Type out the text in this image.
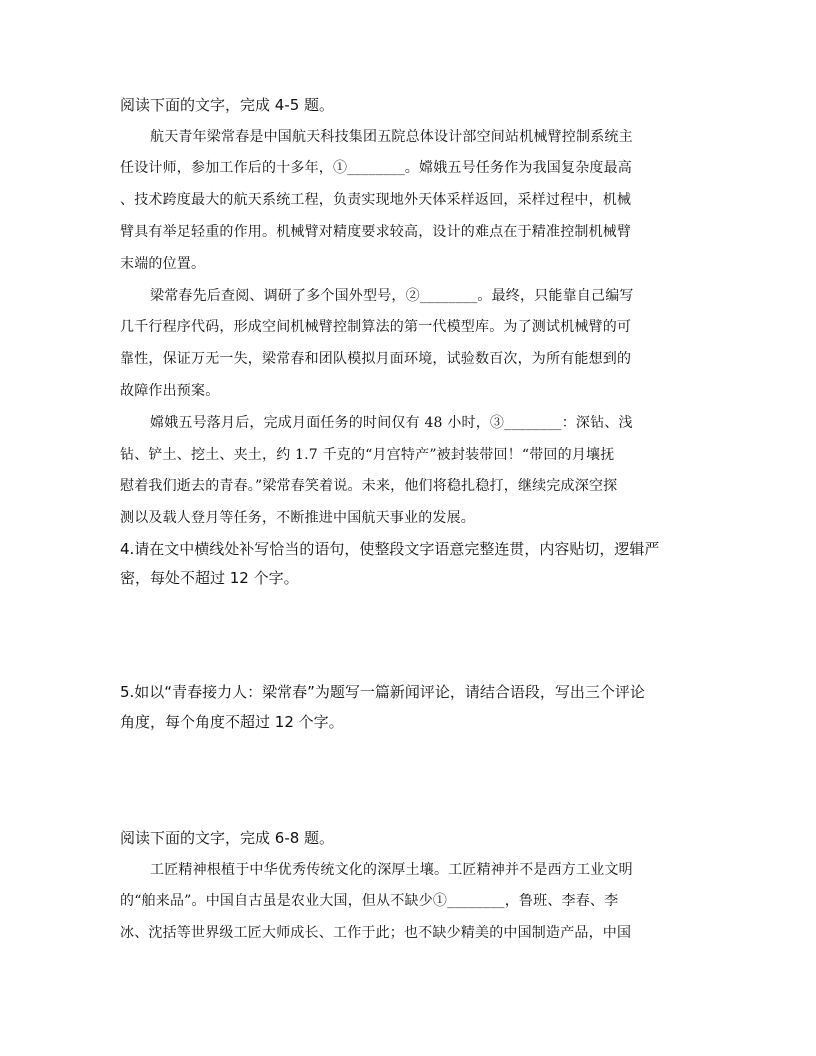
阅读下面的文字，完成 4-5 题。
航天青年梁常春是中国航天科技集团五院总体设计部空间站机械臂控制系统主
任设计师，参加工作后的十多年，①________。嫦娥五号任务作为我国复杂度最高
、技术跨度最大的航天系统工程，负责实现地外天体采样返回，采样过程中，机械
臂具有举足轻重的作用。机械臂对精度要求较高，设计的难点在于精准控制机械臂
末端的位置。
梁常春先后查阅、调研了多个国外型号，②________。最终，只能靠自己编写
几千行程序代码，形成空间机械臂控制算法的第一代模型库。为了测试机械臂的可
靠性，保证万无一失，梁常春和团队模拟月面环境，试验数百次，为所有能想到的
故障作出预案。
嫦娥五号落月后，完成月面任务的时间仅有 48 小时，③________：深钻、浅
钻、铲土、挖土、夹土，约 1.7 千克的“月宫特产”被封装带回！“带回的月壤抚
慰着我们逝去的青春。”梁常春笑着说。未来，他们将稳扎稳打，继续完成深空探
测以及载人登月等任务，不断推进中国航天事业的发展。
4.请在文中横线处补写恰当的语句，使整段文字语意完整连贯，内容贴切，逻辑严
密，每处不超过 12 个字。
5.如以“青春接力人：梁常春”为题写一篇新闻评论，请结合语段，写出三个评论
角度，每个角度不超过 12 个字。
阅读下面的文字，完成 6-8 题。
工匠精神根植于中华优秀传统文化的深厚土壤。工匠精神并不是西方工业文明
的“舶来品”。中国自古虽是农业大国，但从不缺少①________，鲁班、李春、李
冰、沈括等世界级工匠大师成长、工作于此；也不缺少精美的中国制造产品，中国
